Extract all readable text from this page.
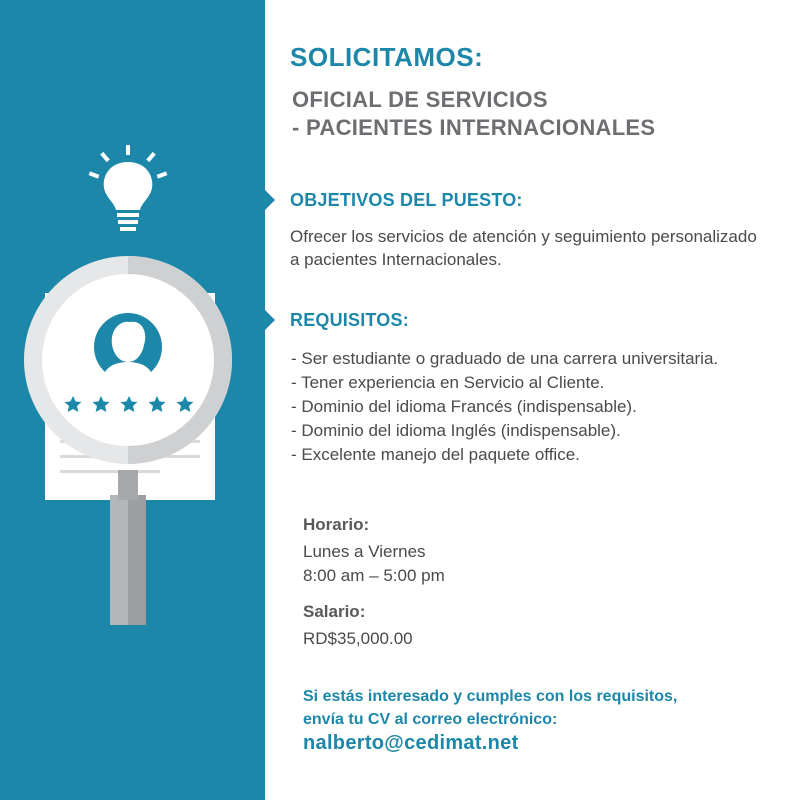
SOLICITAMOS:
OFICIAL DE SERVICIOS
- PACIENTES INTERNACIONALES
OBJETIVOS DEL PUESTO:

Ofrecer los servicios de atención y seguimiento personalizado a pacientes Internacionales.

REQUISITOS:
- Ser estudiante o graduado de una carrera universitaria.
- Tener experiencia en Servicio al Cliente.
- Dominio del idioma Francés (indispensable).
- Dominio del idioma Inglés (indispensable).
- Excelente manejo del paquete office.
Horario:

Lunes a Viernes

8:00 am – 5:00 pm

Salario:

RD$35,000.00

Si estás interesado y cumples con los requisitos,
envía tu CV al correo electrónico:

nalberto@cedimat.net
